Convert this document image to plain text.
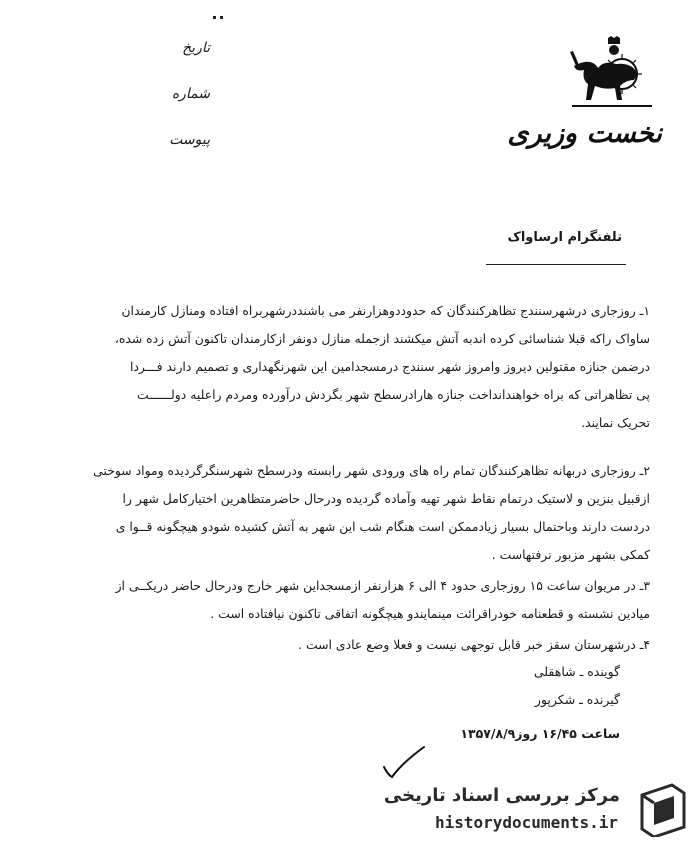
تاریخ
شماره
پیوست	نخست وزیری
تلفنگرام ارساواک
۱ـ روزجاری درشهرسنندج تظاهرکنندگان که حدوددوهزارنفر می باشنددرشهربراه افتاده ومنازل کارمندان
ساواک راکه قبلا شناسائی کرده اندبه آتش میکشند ازجمله منازل دونفر ازکارمندان تاکنون آتش زده شده،
درضمن جنازه مقتولین دیروز وامروز شهر سنندج درمسجدامین این شهرنگهداری و تصمیم دارند فـــردا
پی تظاهراتی که براه خواهندانداخت جنازه هارادرسطح شهر بگردش درآورده ومردم راعلیه دولــــــت
تحریک نمایند.
۲ـ روزجاری دربهانه تظاهرکنندگان تمام راه های ورودی شهر رابسته ودرسطح شهرسنگرگردیده ومواد سوختی
ازقبیل بنزین و لاستیک درتمام نقاط شهر تهیه وآماده گردیده ودرحال حاضرمتظاهرین اختیارکامل شهر را
دردست دارند وباحتمال بسیار زیادممکن است هنگام شب این شهر به آتش کشیده شودو هیچگونه قــوا ی
کمکی بشهر مزبور نرفتهاست .
۳ـ در مریوان ساعت ۱۵ روزجاری حدود ۴ الی ۶ هزارنفر ازمسجداین شهر خارج ودرحال حاضر دریکــی از
میادین نشسته و قطعنامه خودراقرائت مینمایندو هیچگونه اتفاقی تاکنون نیافتاده است .
۴ـ درشهرستان سقز خبر قابل توجهی نیست و فعلا وضع عادی است .
گوینده ـ شاهقلی
گیرنده ـ شکرپور
ساعت ۱۶/۴۵ روز۱۳۵۷/۸/۹
مرکز بررسی اسناد تاریخی
historydocuments.ir
